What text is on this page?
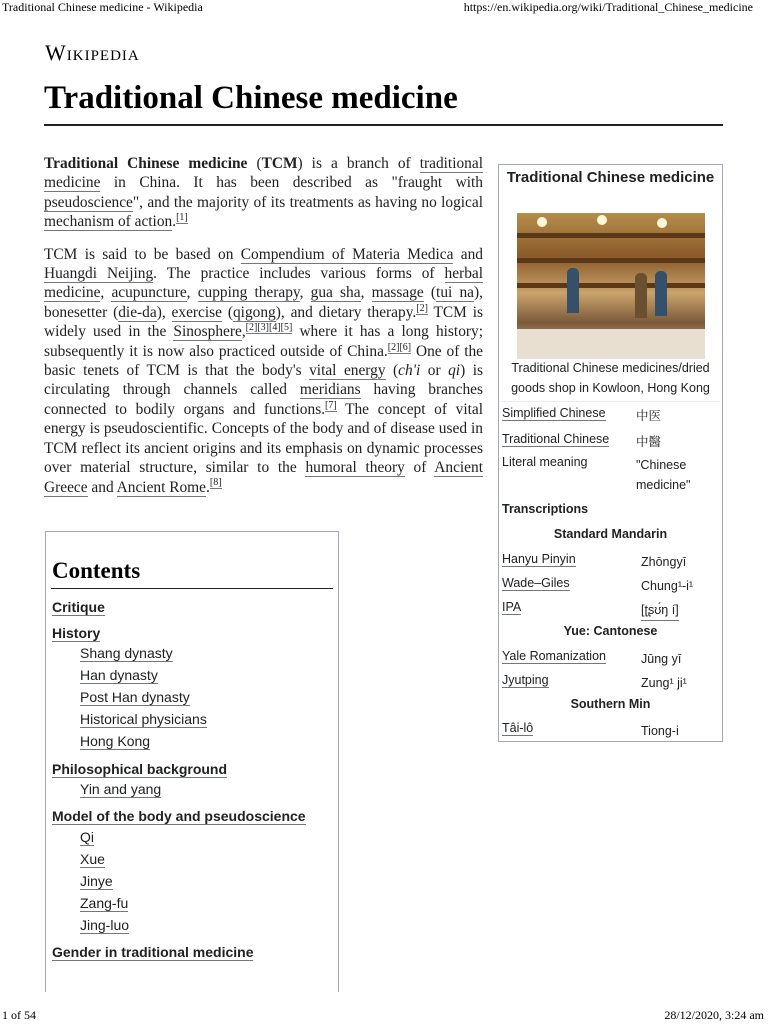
Traditional Chinese medicine - Wikipedia	https://en.wikipedia.org/wiki/Traditional_Chinese_medicine
1 of 54	28/12/2020, 3:24 am
Wikipedia
Traditional Chinese medicine

Traditional Chinese medicine (TCM) is a branch of traditional medicine in China. It has been described as "fraught with pseudoscience", and the majority of its treatments as having no logical mechanism of action.[1]

TCM is said to be based on Compendium of Materia Medica and Huangdi Neijing. The practice includes various forms of herbal medicine, acupuncture, cupping therapy, gua sha, massage (tui na), bonesetter (die-da), exercise (qigong), and dietary therapy.[2] TCM is widely used in the Sinosphere,[2][3][4][5] where it has a long history; subsequently it is now also practiced outside of China.[2][6] One of the basic tenets of TCM is that the body's vital energy (ch'i or qi) is circulating through channels called meridians having branches connected to bodily organs and functions.[7] The concept of vital energy is pseudoscientific. Concepts of the body and of disease used in TCM reflect its ancient origins and its emphasis on dynamic processes over material structure, similar to the humoral theory of Ancient Greece and Ancient Rome.[8]

Traditional Chinese medicine
Traditional Chinese medicines/dried goods shop in Kowloon, Hong Kong
Simplified Chinese 中医
Traditional Chinese 中醫
Literal meaning	"Chinese medicine"
Transcriptions
Standard Mandarin
Hanyu Pinyin	Zhōngyī
Wade–Giles	Chung¹-i¹
IPA	[ʈʂʊ́ŋ í]
Yue: Cantonese
Yale Romanization	Jūng yī
Jyutping	Zung¹ ji¹
Southern Min
Tâi-lô	Tiong-i
Contents
Critique
History
Shang dynasty
Han dynasty
Post Han dynasty
Historical physicians
Hong Kong
Philosophical background
Yin and yang
Model of the body and pseudoscience
Qi
Xue
Jinye
Zang-fu
Jing-luo
Gender in traditional medicine
